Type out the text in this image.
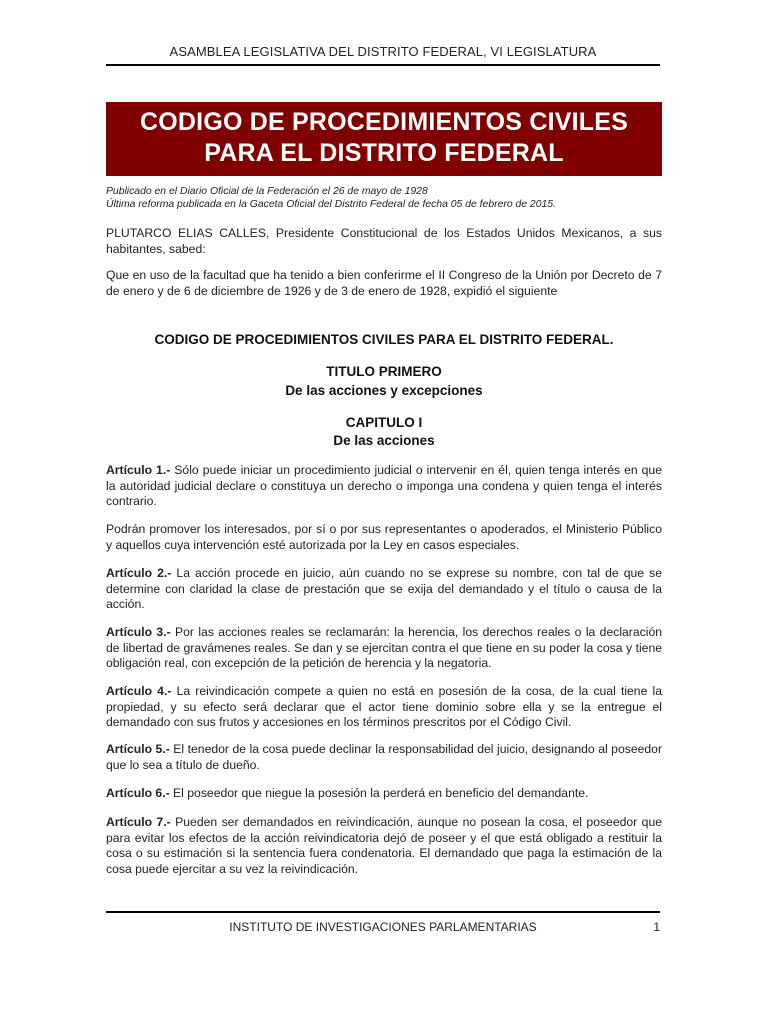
ASAMBLEA LEGISLATIVA DEL DISTRITO FEDERAL, VI LEGISLATURA
CODIGO DE PROCEDIMIENTOS CIVILES
PARA EL DISTRITO FEDERAL
Publicado en el Diario Oficial de la Federación el 26 de mayo de 1928
Última reforma publicada en la Gaceta Oficial del Distrito Federal de fecha 05 de febrero de 2015.
PLUTARCO ELIAS CALLES, Presidente Constitucional de los Estados Unidos Mexicanos, a sus habitantes, sabed:
Que en uso de la facultad que ha tenido a bien conferirme el II Congreso de la Unión por Decreto de 7 de enero y de 6 de diciembre de 1926 y de 3 de enero de 1928, expidió el siguiente
CODIGO DE PROCEDIMIENTOS CIVILES PARA EL DISTRITO FEDERAL.
TITULO PRIMERO
De las acciones y excepciones
CAPITULO I
De las acciones
Artículo 1.- Sólo puede iniciar un procedimiento judicial o intervenir en él, quien tenga interés en que la autoridad judicial declare o constituya un derecho o imponga una condena y quien tenga el interés contrario.
Podrán promover los interesados, por sí o por sus representantes o apoderados, el Ministerio Público y aquellos cuya intervención esté autorizada por la Ley en casos especiales.
Artículo 2.- La acción procede en juicio, aún cuando no se exprese su nombre, con tal de que se determine con claridad la clase de prestación que se exija del demandado y el título o causa de la acción.
Artículo 3.- Por las acciones reales se reclamarán: la herencia, los derechos reales o la declaración de libertad de gravámenes reales. Se dan y se ejercitan contra el que tiene en su poder la cosa y tiene obligación real, con excepción de la petición de herencia y la negatoria.
Artículo 4.- La reivindicación compete a quien no está en posesión de la cosa, de la cual tiene la propiedad, y su efecto será declarar que el actor tiene dominio sobre ella y se la entregue el demandado con sus frutos y accesiones en los términos prescritos por el Código Civil.
Artículo 5.- El tenedor de la cosa puede declinar la responsabilidad del juicio, designando al poseedor que lo sea a título de dueño.
Artículo 6.- El poseedor que niegue la posesión la perderá en beneficio del demandante.
Artículo 7.- Pueden ser demandados en reivindicación, aunque no posean la cosa, el poseedor que para evitar los efectos de la acción reivindicatoria dejó de poseer y el que está obligado a restituir la cosa o su estimación si la sentencia fuera condenatoria. El demandado que paga la estimación de la cosa puede ejercitar a su vez la reivindicación.
INSTITUTO DE INVESTIGACIONES PARLAMENTARIAS	1
